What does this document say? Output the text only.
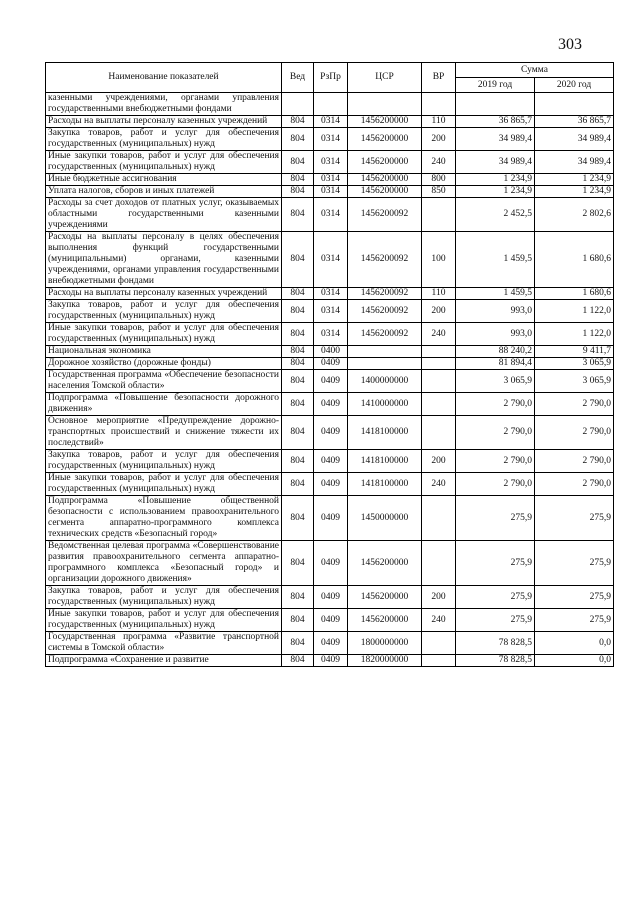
303
Наименование показателей	Вед	РзПр	ЦСР	ВР	Сумма	
					2019 год	2020 год
казенными учреждениями, органами управления государственными внебюджетными фондами						
Расходы на выплаты персоналу казенных учреждений	804	0314	1456200000	110	36 865,7	36 865,7
Закупка товаров, работ и услуг для обеспечения государственных (муниципальных) нужд	804	0314	1456200000	200	34 989,4	34 989,4
Иные закупки товаров, работ и услуг для обеспечения государственных (муниципальных) нужд	804	0314	1456200000	240	34 989,4	34 989,4
Иные бюджетные ассигнования	804	0314	1456200000	800	1 234,9	1 234,9
Уплата налогов, сборов и иных платежей	804	0314	1456200000	850	1 234,9	1 234,9
Расходы за счет доходов от платных услуг, оказываемых областными государственными казенными учреждениями	804	0314	1456200092		2 452,5	2 802,6
Расходы на выплаты персоналу в целях обеспечения выполнения функций государственными (муниципальными) органами, казенными учреждениями, органами управления государственными внебюджетными фондами	804	0314	1456200092	100	1 459,5	1 680,6
Расходы на выплаты персоналу казенных учреждений	804	0314	1456200092	110	1 459,5	1 680,6
Закупка товаров, работ и услуг для обеспечения государственных (муниципальных) нужд	804	0314	1456200092	200	993,0	1 122,0
Иные закупки товаров, работ и услуг для обеспечения государственных (муниципальных) нужд	804	0314	1456200092	240	993,0	1 122,0
Национальная экономика	804	0400			88 240,2	9 411,7
Дорожное хозяйство (дорожные фонды)	804	0409			81 894,4	3 065,9
Государственная программа «Обеспечение безопасности населения Томской области»	804	0409	1400000000		3 065,9	3 065,9
Подпрограмма «Повышение безопасности дорожного движения»	804	0409	1410000000		2 790,0	2 790,0
Основное мероприятие «Предупреждение дорожно-транспортных происшествий и снижение тяжести их последствий»	804	0409	1418100000		2 790,0	2 790,0
Закупка товаров, работ и услуг для обеспечения государственных (муниципальных) нужд	804	0409	1418100000	200	2 790,0	2 790,0
Иные закупки товаров, работ и услуг для обеспечения государственных (муниципальных) нужд	804	0409	1418100000	240	2 790,0	2 790,0
Подпрограмма «Повышение общественной безопасности с использованием правоохранительного сегмента аппаратно-программного комплекса технических средств «Безопасный город»	804	0409	1450000000		275,9	275,9
Ведомственная целевая программа «Совершенствование развития правоохранительного сегмента аппаратно-программного комплекса «Безопасный город» и организации дорожного движения»	804	0409	1456200000		275,9	275,9
Закупка товаров, работ и услуг для обеспечения государственных (муниципальных) нужд	804	0409	1456200000	200	275,9	275,9
Иные закупки товаров, работ и услуг для обеспечения государственных (муниципальных) нужд	804	0409	1456200000	240	275,9	275,9
Государственная программа «Развитие транспортной системы в Томской области»	804	0409	1800000000		78 828,5	0,0
Подпрограмма «Сохранение и развитие	804	0409	1820000000		78 828,5	0,0
